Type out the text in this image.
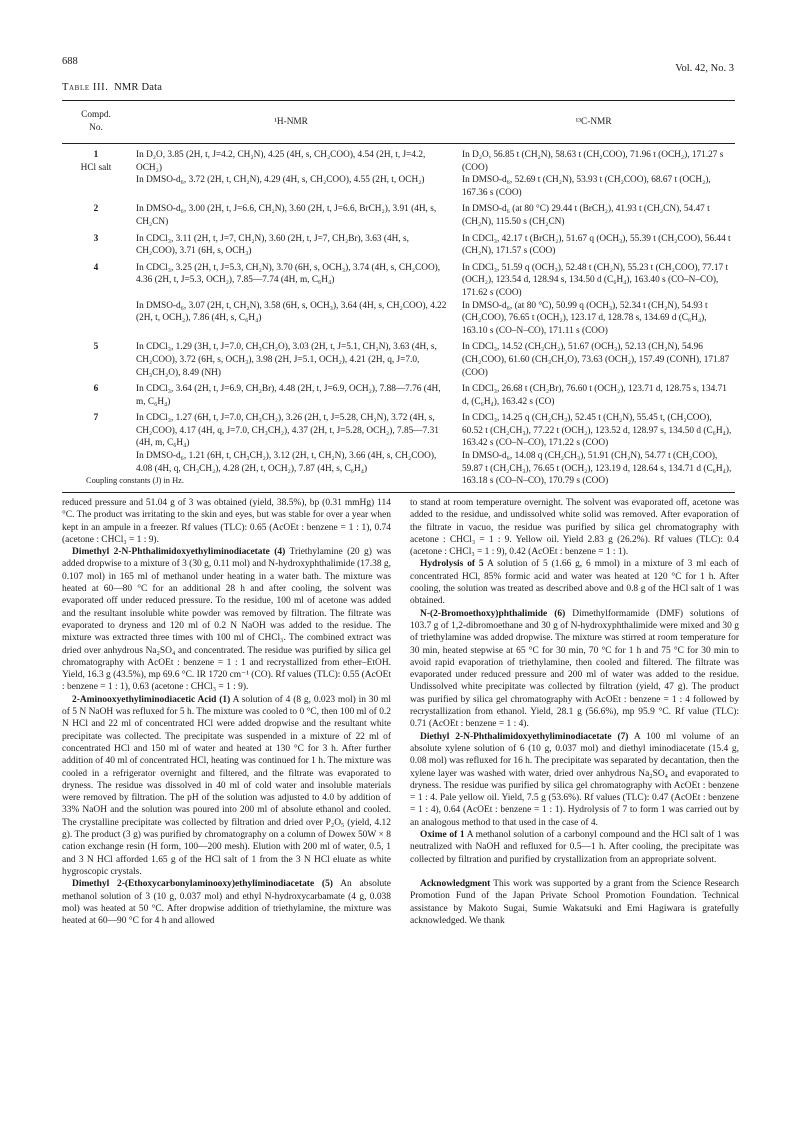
688
Vol. 42, No. 3
Table III. NMR Data
Compd.
No.	¹H-NMR	¹³C-NMR
1
HCl salt	In D₂O, 3.85 (2H, t, J=4.2, CH₂N), 4.25 (4H, s, CH₂COO), 4.54 (2H, t, J=4.2, OCH₂)	In D₂O, 56.85 t (CH₂N), 58.63 t (CH₂COO), 71.96 t (OCH₂), 171.27 s (COO)
	In DMSO-d₆, 3.72 (2H, t, CH₂N), 4.29 (4H, s, CH₂COO), 4.55 (2H, t, OCH₂)	In DMSO-d₆, 52.69 t (CH₂N), 53.93 t (CH₂COO), 68.67 t (OCH₂), 167.36 s (COO)
2	In DMSO-d₆, 3.00 (2H, t, J=6.6, CH₂N), 3.60 (2H, t, J=6.6, BrCH₂), 3.91 (4H, s, CH₂CN)	In DMSO-d₆ (at 80 °C) 29.44 t (BrCH₂), 41.93 t (CH₂CN), 54.47 t (CH₂N), 115.50 s (CH₂CN)
3	In CDCl₃, 3.11 (2H, t, J=7, CH₂N), 3.60 (2H, t, J=7, CH₂Br), 3.63 (4H, s, CH₂COO), 3.71 (6H, s, OCH₃)	In CDCl₃, 42.17 t (BrCH₂), 51.67 q (OCH₃), 55.39 t (CH₂COO), 56.44 t (CH₂N), 171.57 s (COO)
4	In CDCl₃, 3.25 (2H, t, J=5.3, CH₂N), 3.70 (6H, s, OCH₃), 3.74 (4H, s, CH₂COO), 4.36 (2H, t, J=5.3, OCH₂), 7.85—7.74 (4H, m, C₆H₄)	In CDCl₃, 51.59 q (OCH₃), 52.48 t (CH₂N), 55.23 t (CH₂COO), 77.17 t (OCH₂), 123.54 d, 128.94 s, 134.50 d (C₆H₄), 163.40 s (CO–N–CO), 171.62 s (COO)
	In DMSO-d₆, 3.07 (2H, t, CH₂N), 3.58 (6H, s, OCH₃), 3.64 (4H, s, CH₂COO), 4.22 (2H, t, OCH₂), 7.86 (4H, s, C₆H₄)	In DMSO-d₆, (at 80 °C), 50.99 q (OCH₃), 52.34 t (CH₂N), 54.93 t (CH₂COO), 76.65 t (OCH₂), 123.17 d, 128.78 s, 134.69 d (C₆H₄), 163.10 s (CO–N–CO), 171.11 s (COO)
5	In CDCl₃, 1.29 (3H, t, J=7.0, CH₃CH₂O), 3.03 (2H, t, J=5.1, CH₂N), 3.63 (4H, s, CH₂COO), 3.72 (6H, s, OCH₃), 3.98 (2H, J=5.1, OCH₂), 4.21 (2H, q, J=7.0, CH₃CH₂O), 8.49 (NH)	In CDCl₃, 14.52 (CH₃CH₂), 51.67 (OCH₃), 52.13 (CH₂N), 54.96 (CH₂COO), 61.60 (CH₃CH₂O), 73.63 (OCH₂), 157.49 (CONH), 171.87 (COO)
6	In CDCl₃, 3.64 (2H, t, J=6.9, CH₂Br), 4.48 (2H, t, J=6.9, OCH₂), 7.88—7.76 (4H, m, C₆H₄)	In CDCl₃, 26.68 t (CH₂Br), 76.60 t (OCH₂), 123.71 d, 128.75 s, 134.71 d, (C₆H₄), 163.42 s (CO)
7	In CDCl₃, 1.27 (6H, t, J=7.0, CH₃CH₂), 3.26 (2H, t, J=5.28, CH₂N), 3.72 (4H, s, CH₂COO), 4.17 (4H, q, J=7.0, CH₃CH₂), 4.37 (2H, t, J=5.28, OCH₂), 7.85—7.31 (4H, m, C₆H₄)	In CDCl₃, 14.25 q (CH₂CH₃), 52.45 t (CH₂N), 55.45 t, (CH₂COO), 60.52 t (CH₂CH₃), 77.22 t (OCH₂), 123.52 d, 128.97 s, 134.50 d (C₆H₄), 163.42 s (CO–N–CO), 171.22 s (COO)
	In DMSO-d₆, 1.21 (6H, t, CH₃CH₂), 3.12 (2H, t, CH₂N), 3.66 (4H, s, CH₂COO), 4.08 (4H, q, CH₃CH₂), 4.28 (2H, t, OCH₂), 7.87 (4H, s, C₆H₄)	In DMSO-d₆, 14.08 q (CH₂CH₃), 51.91 (CH₂N), 54.77 t (CH₂COO), 59.87 t (CH₂CH₃), 76.65 t (OCH₂), 123.19 d, 128.64 s, 134.71 d (C₆H₄), 163.18 s (CO–N–CO), 170.79 s (COO)
Coupling constants (J) in Hz.

reduced pressure and 51.04 g of 3 was obtained (yield, 38.5%), bp (0.31 mmHg) 114 °C. The product was irritating to the skin and eyes, but was stable for over a year when kept in an ampule in a freezer. Rf values (TLC): 0.65 (AcOEt : benzene = 1 : 1), 0.74 (acetone : CHCl₃ = 1 : 9).

Dimethyl 2-N-Phthalimidoxyethyliminodiacetate (4) Triethylamine (20 g) was added dropwise to a mixture of 3 (30 g, 0.11 mol) and N-hydroxyphthalimide (17.38 g, 0.107 mol) in 165 ml of methanol under heating in a water bath. The mixture was heated at 60—80 °C for an additional 28 h and after cooling, the solvent was evaporated off under reduced pressure. To the residue, 100 ml of acetone was added and the resultant insoluble white powder was removed by filtration. The filtrate was evaporated to dryness and 120 ml of 0.2 N NaOH was added to the residue. The mixture was extracted three times with 100 ml of CHCl₃. The combined extract was dried over anhydrous Na₂SO₄ and concentrated. The residue was purified by silica gel chromatography with AcOEt : benzene = 1 : 1 and recrystallized from ether–EtOH. Yield, 16.3 g (43.5%), mp 69.6 °C. IR 1720 cm⁻¹ (CO). Rf values (TLC): 0.55 (AcOEt : benzene = 1 : 1), 0.63 (acetone : CHCl₃ = 1 : 9).

2-Aminooxyethyliminodiacetic Acid (1) A solution of 4 (8 g, 0.023 mol) in 30 ml of 5 N NaOH was refluxed for 5 h. The mixture was cooled to 0 °C, then 100 ml of 0.2 N HCl and 22 ml of concentrated HCl were added dropwise and the resultant white precipitate was collected. The precipitate was suspended in a mixture of 22 ml of concentrated HCl and 150 ml of water and heated at 130 °C for 3 h. After further addition of 40 ml of concentrated HCl, heating was continued for 1 h. The mixture was cooled in a refrigerator overnight and filtered, and the filtrate was evaporated to dryness. The residue was dissolved in 40 ml of cold water and insoluble materials were removed by filtration. The pH of the solution was adjusted to 4.0 by addition of 33% NaOH and the solution was poured into 200 ml of absolute ethanol and cooled. The crystalline precipitate was collected by filtration and dried over P₂O₅ (yield, 4.12 g). The product (3 g) was purified by chromatography on a column of Dowex 50W × 8 cation exchange resin (H form, 100—200 mesh). Elution with 200 ml of water, 0.5, 1 and 3 N HCl afforded 1.65 g of the HCl salt of 1 from the 3 N HCl eluate as white hygroscopic crystals.

Dimethyl 2-(Ethoxycarbonylaminooxy)ethyliminodiacetate (5) An absolute methanol solution of 3 (10 g, 0.037 mol) and ethyl N-hydroxycarbamate (4 g, 0.038 mol) was heated at 50 °C. After dropwise addition of triethylamine, the mixture was heated at 60—90 °C for 4 h and allowed

to stand at room temperature overnight. The solvent was evaporated off, acetone was added to the residue, and undissolved white solid was removed. After evaporation of the filtrate in vacuo, the residue was purified by silica gel chromatography with acetone : CHCl₃ = 1 : 9. Yellow oil. Yield 2.83 g (26.2%). Rf values (TLC): 0.4 (acetone : CHCl₃ = 1 : 9), 0.42 (AcOEt : benzene = 1 : 1).

Hydrolysis of 5 A solution of 5 (1.66 g, 6 mmol) in a mixture of 3 ml each of concentrated HCl, 85% formic acid and water was heated at 120 °C for 1 h. After cooling, the solution was treated as described above and 0.8 g of the HCl salt of 1 was obtained.

N-(2-Bromoethoxy)phthalimide (6) Dimethylformamide (DMF) solutions of 103.7 g of 1,2-dibromoethane and 30 g of N-hydroxyphthalimide were mixed and 30 g of triethylamine was added dropwise. The mixture was stirred at room temperature for 30 min, heated stepwise at 65 °C for 30 min, 70 °C for 1 h and 75 °C for 30 min to avoid rapid evaporation of triethylamine, then cooled and filtered. The filtrate was evaporated under reduced pressure and 200 ml of water was added to the residue. Undissolved white precipitate was collected by filtration (yield, 47 g). The product was purified by silica gel chromatography with AcOEt : benzene = 1 : 4 followed by recrystallization from ethanol. Yield, 28.1 g (56.6%), mp 95.9 °C. Rf value (TLC): 0.71 (AcOEt : benzene = 1 : 4).

Diethyl 2-N-Phthalimidoxyethyliminodiacetate (7) A 100 ml volume of an absolute xylene solution of 6 (10 g, 0.037 mol) and diethyl iminodiacetate (15.4 g, 0.08 mol) was refluxed for 16 h. The precipitate was separated by decantation, then the xylene layer was washed with water, dried over anhydrous Na₂SO₄ and evaporated to dryness. The residue was purified by silica gel chromatography with AcOEt : benzene = 1 : 4. Pale yellow oil. Yield, 7.5 g (53.6%). Rf values (TLC): 0.47 (AcOEt : benzene = 1 : 4), 0.64 (AcOEt : benzene = 1 : 1). Hydrolysis of 7 to form 1 was carried out by an analogous method to that used in the case of 4.

Oxime of 1 A methanol solution of a carbonyl compound and the HCl salt of 1 was neutralized with NaOH and refluxed for 0.5—1 h. After cooling, the precipitate was collected by filtration and purified by crystallization from an appropriate solvent.

Acknowledgment This work was supported by a grant from the Science Research Promotion Fund of the Japan Private School Promotion Foundation. Technical assistance by Makoto Sugai, Sumie Wakatsuki and Emi Hagiwara is gratefully acknowledged. We thank
